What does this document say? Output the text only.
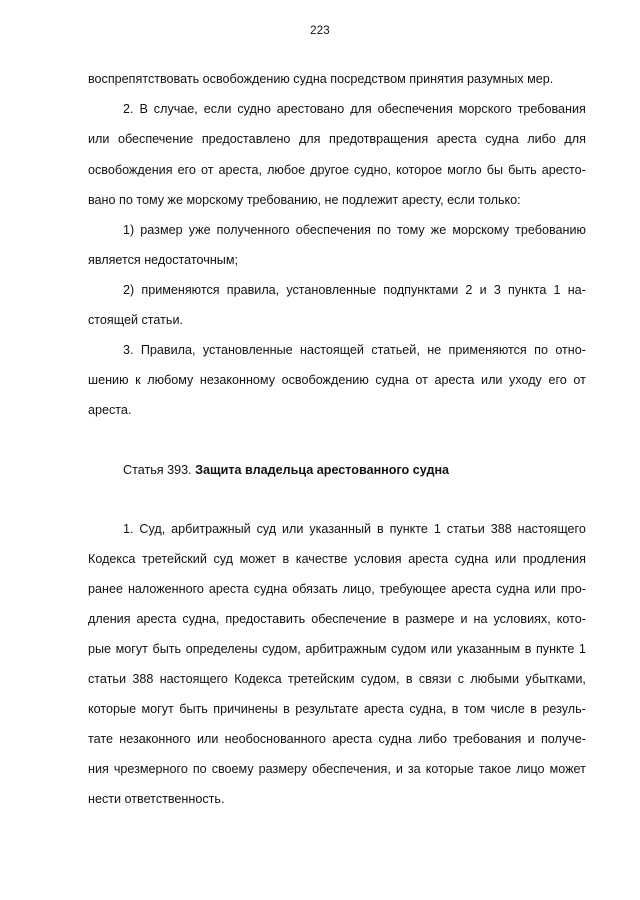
223
воспрепятствовать освобождению судна посредством принятия разумных мер.
2. В случае, если судно арестовано для обеспечения морского требования
или обеспечение предоставлено для предотвращения ареста судна либо для
освобождения его от ареста, любое другое судно, которое могло бы быть аресто-
вано по тому же морскому требованию, не подлежит аресту, если только:
1) размер уже полученного обеспечения по тому же морскому требованию
является недостаточным;
2) применяются правила, установленные подпунктами 2 и 3 пункта 1 на-
стоящей статьи.
3. Правила, установленные настоящей статьей, не применяются по отно-
шению к любому незаконному освобождению судна от ареста или уходу его от
ареста.
Статья 393. Защита владельца арестованного судна
1. Суд, арбитражный суд или указанный в пункте 1 статьи 388 настоящего
Кодекса третейский суд может в качестве условия ареста судна или продления
ранее наложенного ареста судна обязать лицо, требующее ареста судна или про-
дления ареста судна, предоставить обеспечение в размере и на условиях, кото-
рые могут быть определены судом, арбитражным судом или указанным в пункте 1
статьи 388 настоящего Кодекса третейским судом, в связи с любыми убытками,
которые могут быть причинены в результате ареста судна, в том числе в резуль-
тате незаконного или необоснованного ареста судна либо требования и получе-
ния чрезмерного по своему размеру обеспечения, и за которые такое лицо может
нести ответственность.
